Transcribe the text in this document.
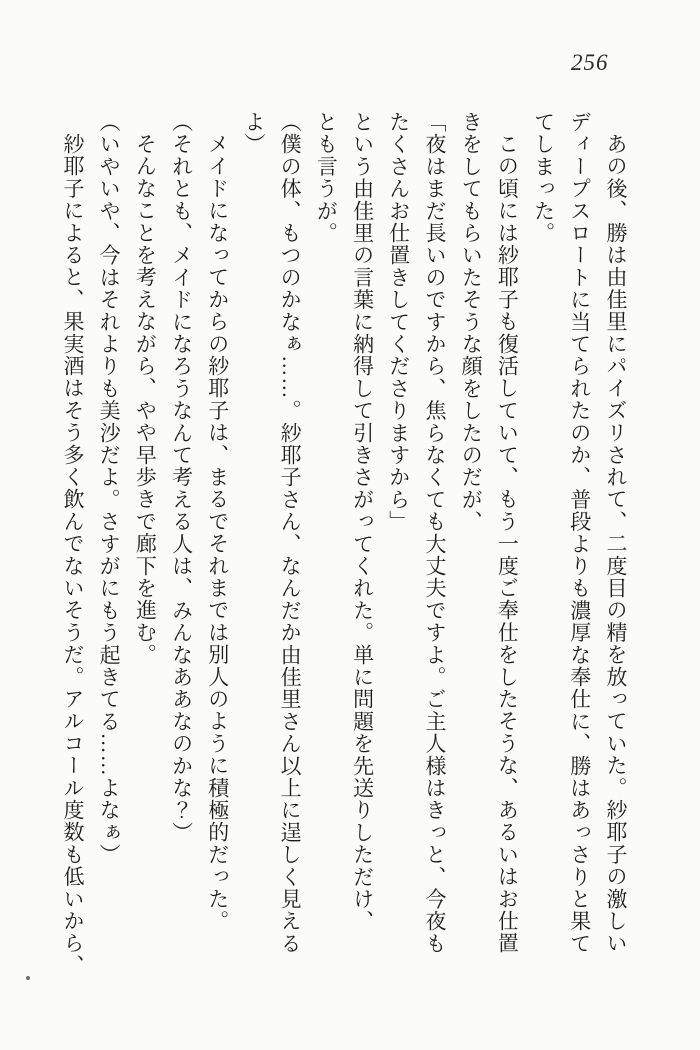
256

あの後、勝は由佳里にパイズリされて、二度目の精を放っていた。紗耶子の激しいディープスロートに当てられたのか、普段よりも濃厚な奉仕に、勝はあっさりと果ててしまった。

この頃には紗耶子も復活していて、もう一度ご奉仕をしたそうな、あるいはお仕置きをしてもらいたそうな顔をしたのだが、

「夜はまだ長いのですから、焦らなくても大丈夫ですよ。ご主人様はきっと、今夜もたくさんお仕置きしてくださりますから」

という由佳里の言葉に納得して引きさがってくれた。単に問題を先送りしただけ、

とも言うが。

（僕の体、もつのかなぁ……。紗耶子さん、なんだか由佳里さん以上に逞しく見えるよ）

メイドになってからの紗耶子は、まるでそれまでは別人のように積極的だった。

（それとも、メイドになろうなんて考える人は、みんなああなのかな？）

そんなことを考えながら、やや早歩きで廊下を進む。

（いやいや、今はそれよりも美沙だよ。さすがにもう起きてる……よなぁ）

紗耶子によると、果実酒はそう多く飲んでないそうだ。アルコール度数も低いから、
